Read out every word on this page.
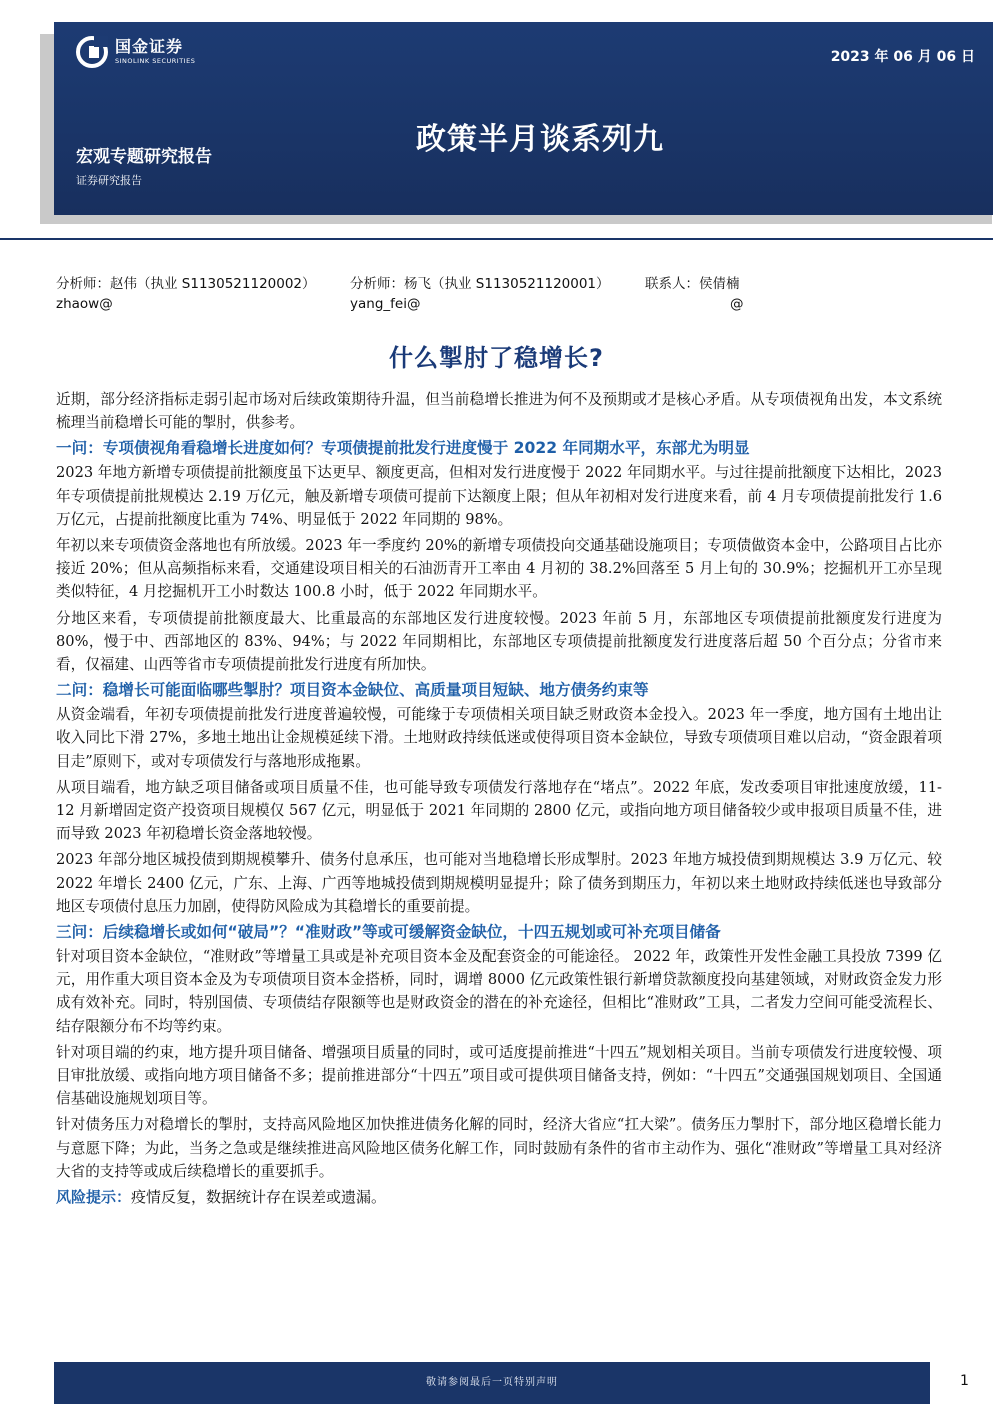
国金证券
SINOLINK SECURITIES	2023 年 06 月 06 日
政策半月谈系列九
宏观专题研究报告
证券研究报告
分析师：赵伟（执业 S1130521120002）
zhaow@
分析师：杨飞（执业 S1130521120001）
yang_fei@
联系人：侯倩楠
@
什么掣肘了稳增长?

近期，部分经济指标走弱引起市场对后续政策期待升温，但当前稳增长推进为何不及预期或才是核心矛盾。从专项债视角出发，本文系统梳理当前稳增长可能的掣肘，供参考。

一问：专项债视角看稳增长进度如何？专项债提前批发行进度慢于 2022 年同期水平，东部尤为明显

2023 年地方新增专项债提前批额度虽下达更早、额度更高，但相对发行进度慢于 2022 年同期水平。与过往提前批额度下达相比，2023 年专项债提前批规模达 2.19 万亿元，触及新增专项债可提前下达额度上限；但从年初相对发行进度来看，前 4 月专项债提前批发行 1.6 万亿元，占提前批额度比重为 74%、明显低于 2022 年同期的 98%。

年初以来专项债资金落地也有所放缓。2023 年一季度约 20%的新增专项债投向交通基础设施项目；专项债做资本金中，公路项目占比亦接近 20%；但从高频指标来看，交通建设项目相关的石油沥青开工率由 4 月初的 38.2%回落至 5 月上旬的 30.9%；挖掘机开工亦呈现类似特征，4 月挖掘机开工小时数达 100.8 小时，低于 2022 年同期水平。

分地区来看，专项债提前批额度最大、比重最高的东部地区发行进度较慢。2023 年前 5 月，东部地区专项债提前批额度发行进度为 80%，慢于中、西部地区的 83%、94%；与 2022 年同期相比，东部地区专项债提前批额度发行进度落后超 50 个百分点；分省市来看，仅福建、山西等省市专项债提前批发行进度有所加快。

二问：稳增长可能面临哪些掣肘？项目资本金缺位、高质量项目短缺、地方债务约束等

从资金端看，年初专项债提前批发行进度普遍较慢，可能缘于专项债相关项目缺乏财政资本金投入。2023 年一季度，地方国有土地出让收入同比下滑 27%，多地土地出让金规模延续下滑。土地财政持续低迷或使得项目资本金缺位，导致专项债项目难以启动，“资金跟着项目走”原则下，或对专项债发行与落地形成拖累。

从项目端看，地方缺乏项目储备或项目质量不佳，也可能导致专项债发行落地存在“堵点”。2022 年底，发改委项目审批速度放缓，11-12 月新增固定资产投资项目规模仅 567 亿元，明显低于 2021 年同期的 2800 亿元，或指向地方项目储备较少或申报项目质量不佳，进而导致 2023 年初稳增长资金落地较慢。

2023 年部分地区城投债到期规模攀升、债务付息承压，也可能对当地稳增长形成掣肘。2023 年地方城投债到期规模达 3.9 万亿元、较 2022 年增长 2400 亿元，广东、上海、广西等地城投债到期规模明显提升；除了债务到期压力，年初以来土地财政持续低迷也导致部分地区专项债付息压力加剧，使得防风险成为其稳增长的重要前提。

三问：后续稳增长或如何“破局”？“准财政”等或可缓解资金缺位，十四五规划或可补充项目储备

针对项目资本金缺位，“准财政”等增量工具或是补充项目资本金及配套资金的可能途径。 2022 年，政策性开发性金融工具投放 7399 亿元，用作重大项目资本金及为专项债项目资本金搭桥，同时，调增 8000 亿元政策性银行新增贷款额度投向基建领域，对财政资金发力形成有效补充。同时，特别国债、专项债结存限额等也是财政资金的潜在的补充途径，但相比“准财政”工具，二者发力空间可能受流程长、结存限额分布不均等约束。

针对项目端的约束，地方提升项目储备、增强项目质量的同时，或可适度提前推进“十四五”规划相关项目。当前专项债发行进度较慢、项目审批放缓、或指向地方项目储备不多；提前推进部分“十四五”项目或可提供项目储备支持，例如：“十四五”交通强国规划项目、全国通信基础设施规划项目等。

针对债务压力对稳增长的掣肘，支持高风险地区加快推进债务化解的同时，经济大省应“扛大梁”。债务压力掣肘下，部分地区稳增长能力与意愿下降；为此，当务之急或是继续推进高风险地区债务化解工作，同时鼓励有条件的省市主动作为、强化“准财政”等增量工具对经济大省的支持等或成后续稳增长的重要抓手。

风险提示：疫情反复，数据统计存在误差或遗漏。
敬请参阅最后一页特别声明	1
